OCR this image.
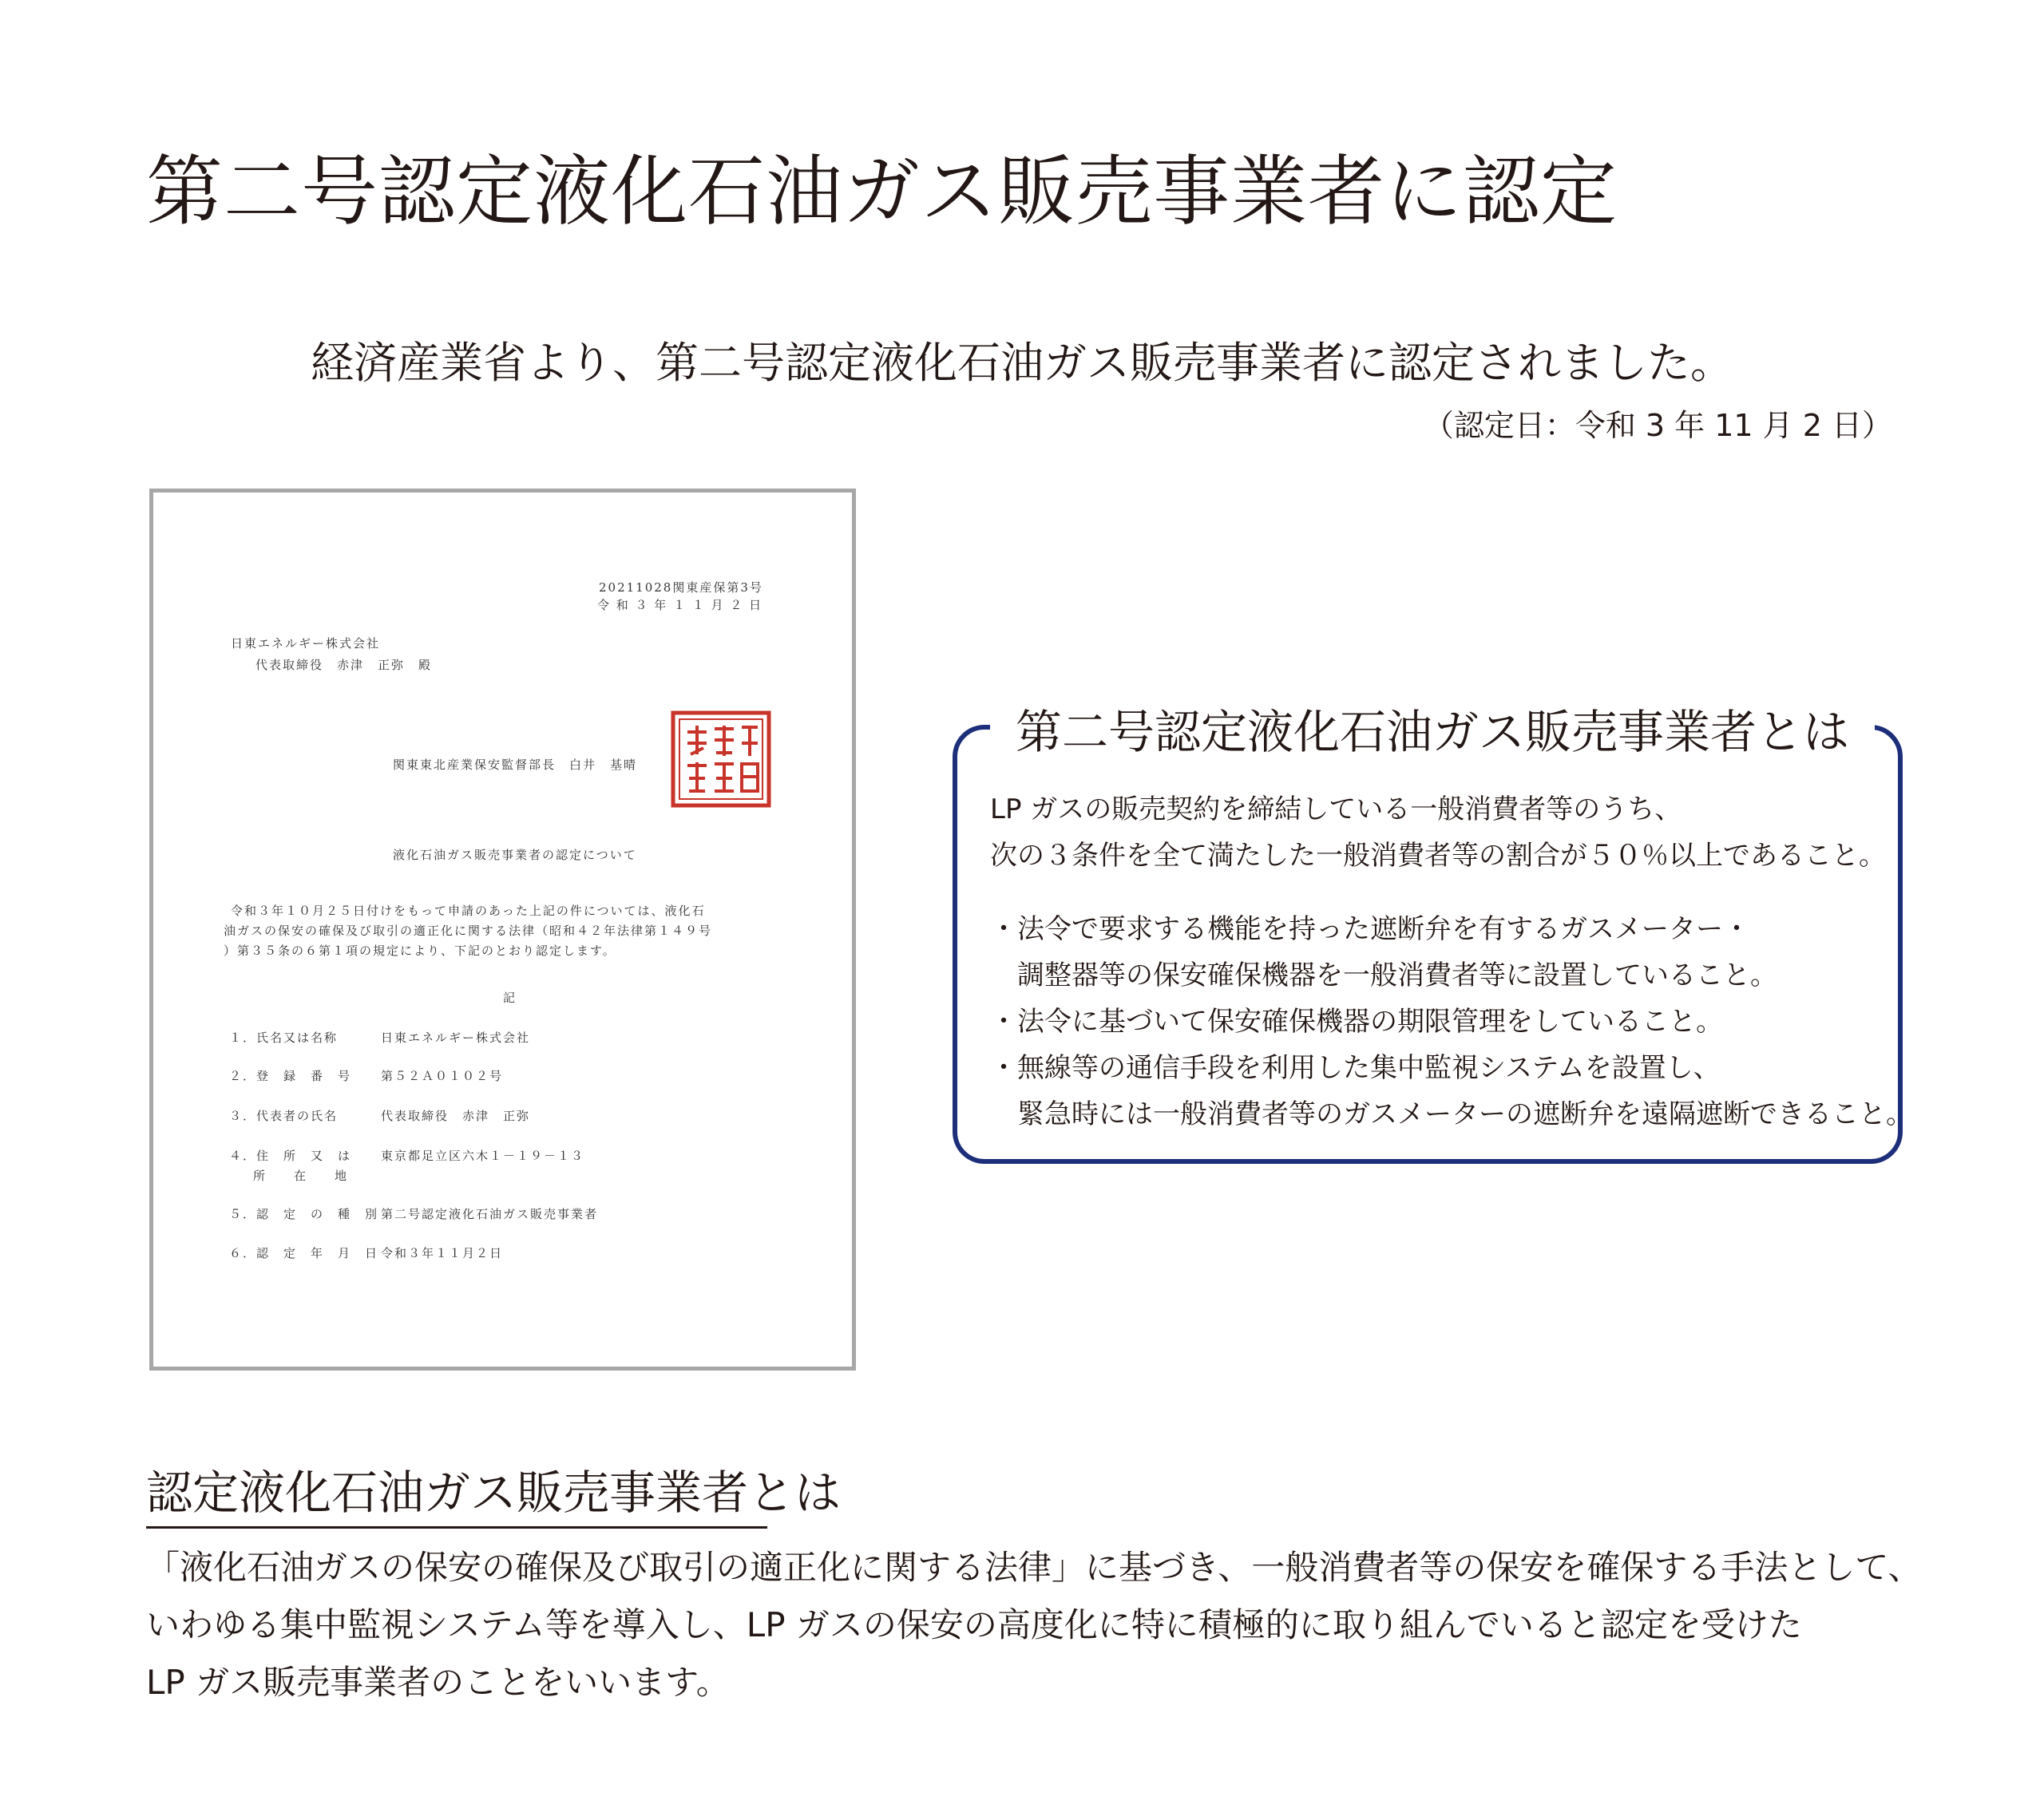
第二号認定液化石油ガス販売事業者に認定
経済産業省より、第二号認定液化石油ガス販売事業者に認定されました。
（認定日：令和 3 年 11 月 2 日）
20211028関東産保第3号
令 和 ３ 年 １ １ 月 ２ 日
日東エネルギー株式会社
代表取締役　赤津　正弥　殿
関東東北産業保安監督部長　白井　基晴
液化石油ガス販売事業者の認定について
令和３年１０月２５日付けをもって申請のあった上記の件については、液化石
油ガスの保安の確保及び取引の適正化に関する法律（昭和４２年法律第１４９号
）第３５条の６第１項の規定により、下記のとおり認定します。
記
１．氏名又は名称	日東エネルギー株式会社
２．登　録　番　号 第５２Ａ０１０２号
３．代表者の氏名	代表取締役　赤津　正弥
４．住　所　又　は
所　　在　　地
東京都足立区六木１－１９－１３
５．認　定　の　種　別 第二号認定液化石油ガス販売事業者
６．認　定　年　月　日 令和３年１１月２日
第二号認定液化石油ガス販売事業者とは

LP ガスの販売契約を締結している一般消費者等のうち、

次の３条件を全て満たした一般消費者等の割合が５０％以上であること。

・法令で要求する機能を持った遮断弁を有するガスメーター・

調整器等の保安確保機器を一般消費者等に設置していること。

・法令に基づいて保安確保機器の期限管理をしていること。

・無線等の通信手段を利用した集中監視システムを設置し、

緊急時には一般消費者等のガスメーターの遮断弁を遠隔遮断できること。

認定液化石油ガス販売事業者とは

「液化石油ガスの保安の確保及び取引の適正化に関する法律」に基づき、一般消費者等の保安を確保する手法として、

いわゆる集中監視システム等を導入し、LP ガスの保安の高度化に特に積極的に取り組んでいると認定を受けた

LP ガス販売事業者のことをいいます。
